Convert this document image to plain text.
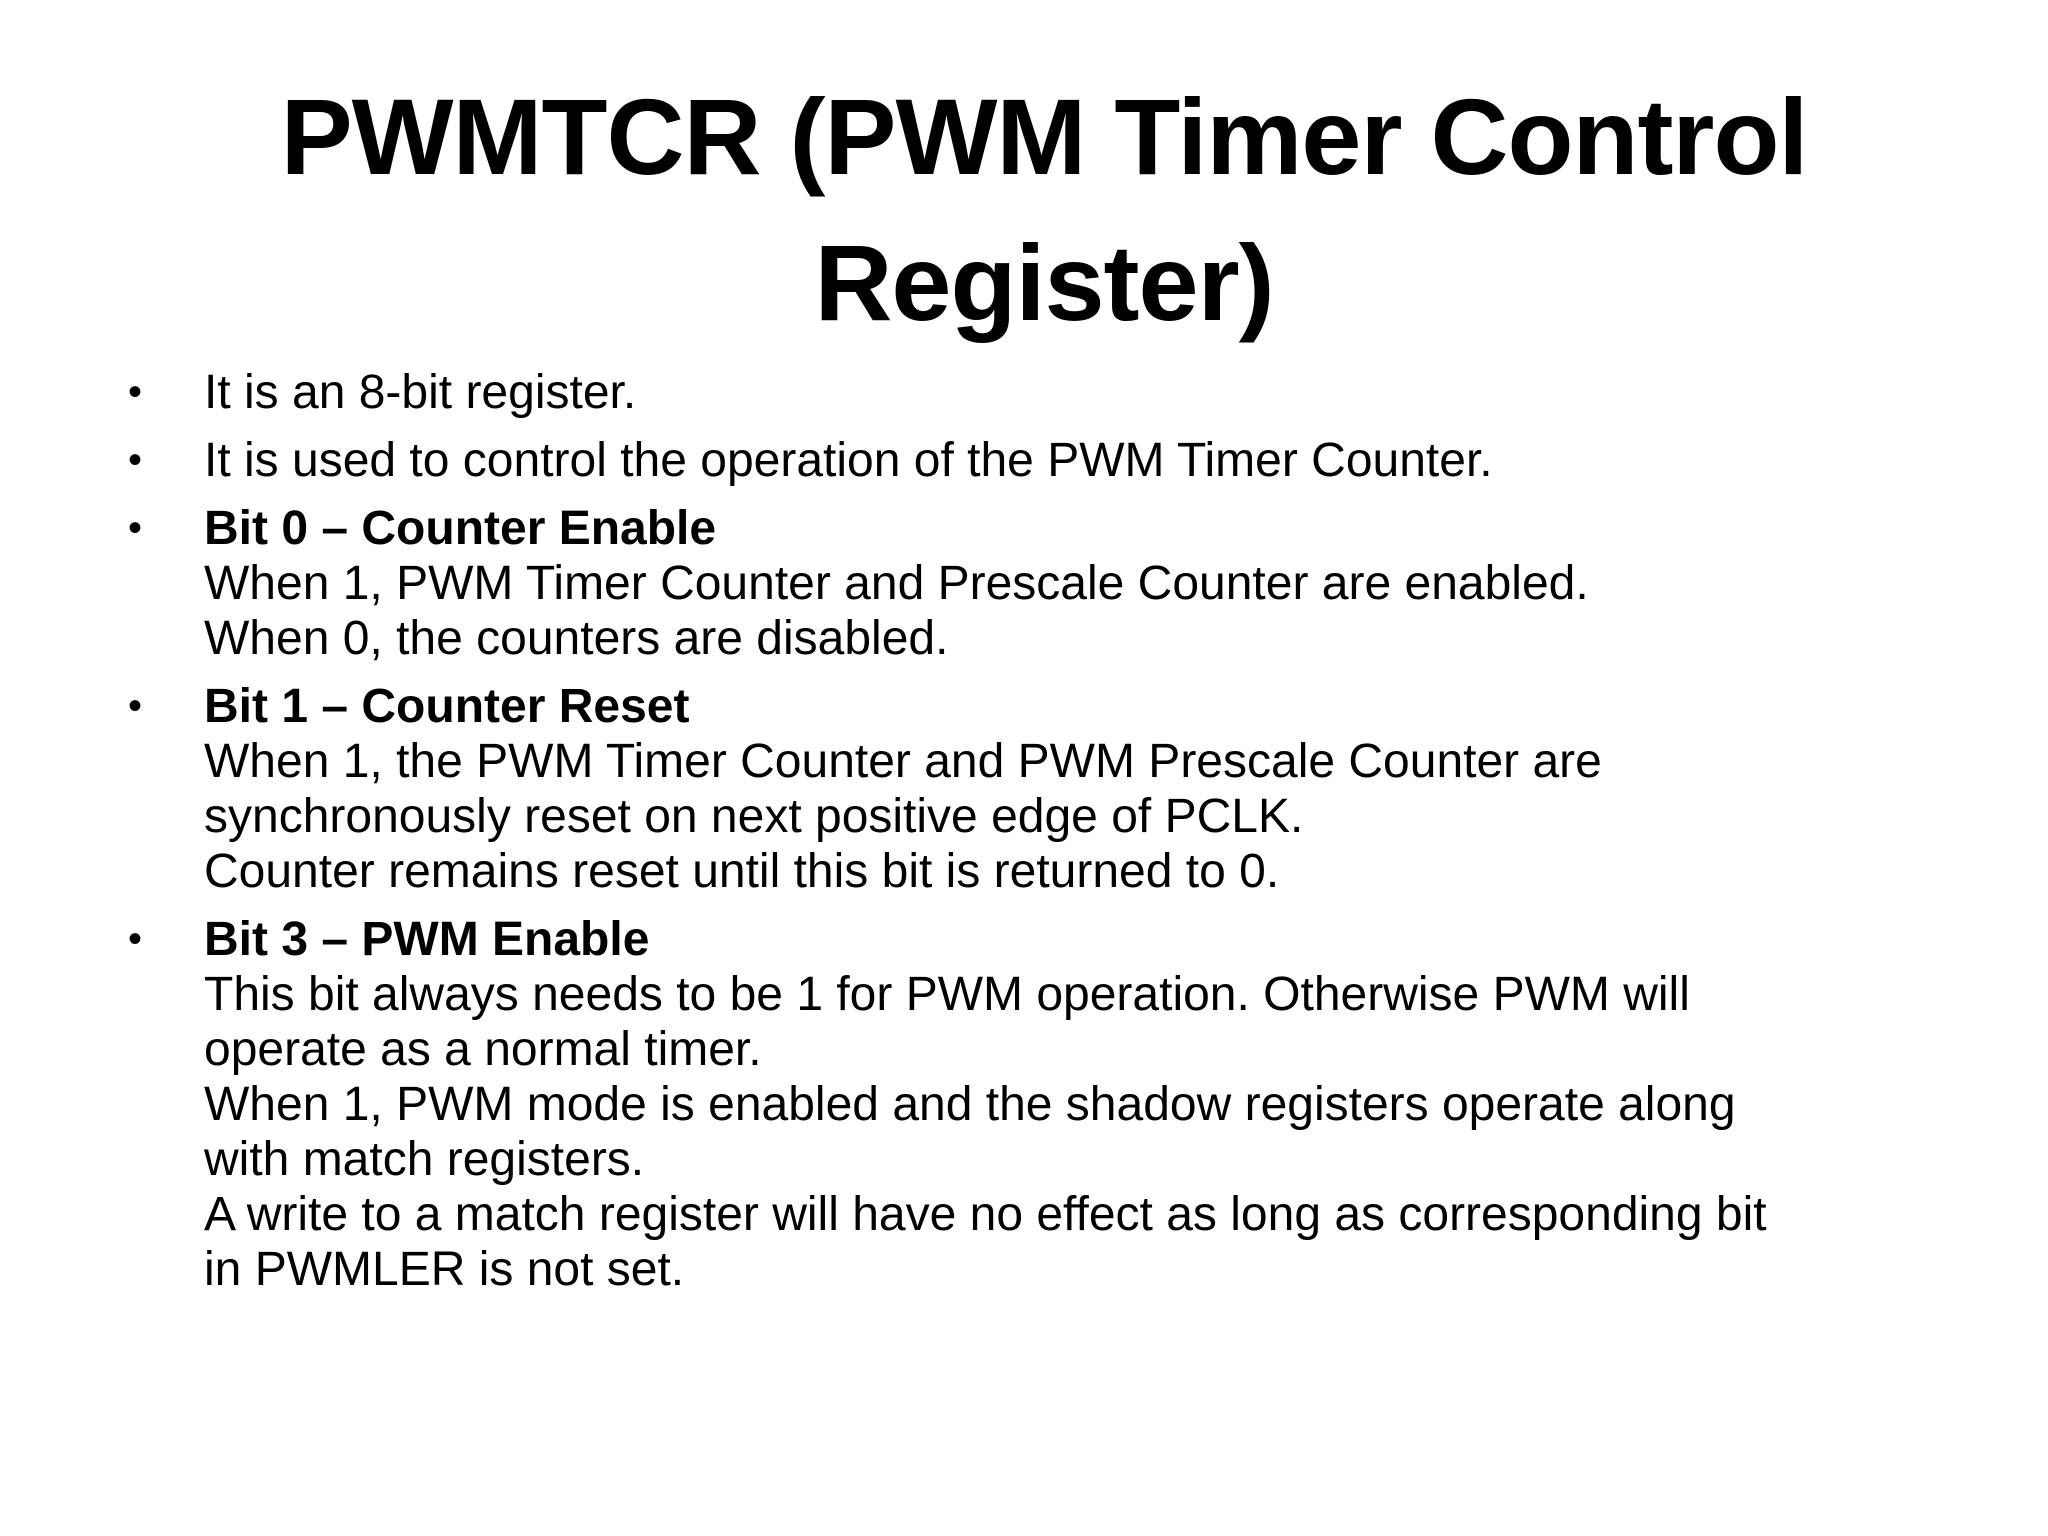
PWMTCR (PWM Timer Control
Register)
• It is an 8-bit register.
• It is used to control the operation of the PWM Timer Counter.
• Bit 0 – Counter Enable
When 1, PWM Timer Counter and Prescale Counter are enabled.
When 0, the counters are disabled.
• Bit 1 – Counter Reset
When 1, the PWM Timer Counter and PWM Prescale Counter are
synchronously reset on next positive edge of PCLK.
Counter remains reset until this bit is returned to 0.
• Bit 3 – PWM Enable
This bit always needs to be 1 for PWM operation. Otherwise PWM will
operate as a normal timer.
When 1, PWM mode is enabled and the shadow registers operate along
with match registers.
A write to a match register will have no effect as long as corresponding bit
in PWMLER is not set.
